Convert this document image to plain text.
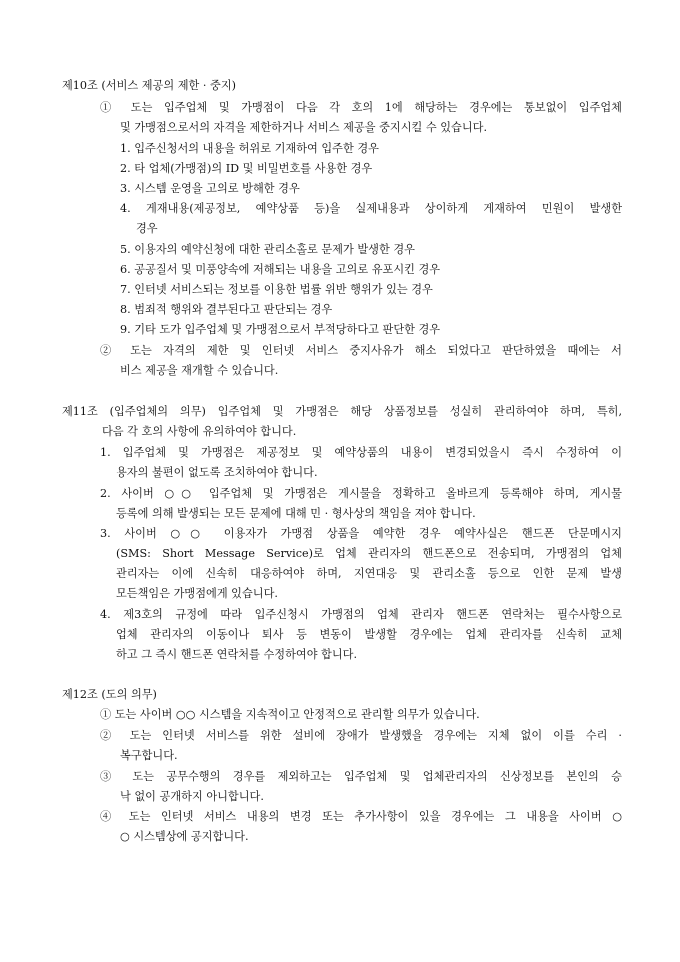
제10조 (서비스 제공의 제한 · 중지)
① 도는 입주업체 및 가맹점이 다음 각 호의 1에 해당하는 경우에는 통보없이 입주업체
및 가맹점으로서의 자격을 제한하거나 서비스 제공을 중지시킬 수 있습니다.
1. 입주신청서의 내용을 허위로 기재하여 입주한 경우
2. 타 업체(가맹점)의 ID 및 비밀번호를 사용한 경우
3. 시스템 운영을 고의로 방해한 경우
4. 게재내용(제공정보, 예약상품 등)을 실제내용과 상이하게 게재하여 민원이 발생한
경우
5. 이용자의 예약신청에 대한 관리소홀로 문제가 발생한 경우
6. 공공질서 및 미풍양속에 저해되는 내용을 고의로 유포시킨 경우
7. 인터넷 서비스되는 정보를 이용한 법률 위반 행위가 있는 경우
8. 범죄적 행위와 결부된다고 판단되는 경우
9. 기타 도가 입주업체 및 가맹점으로서 부적당하다고 판단한 경우
② 도는 자격의 제한 및 인터넷 서비스 중지사유가 해소 되었다고 판단하였을 때에는 서
비스 제공을 재개할 수 있습니다.
제11조 (입주업체의 의무) 입주업체 및 가맹점은 해당 상품정보를 성실히 관리하여야 하며, 특히,
다음 각 호의 사항에 유의하여야 합니다.
1. 입주업체 및 가맹점은 제공정보 및 예약상품의 내용이 변경되었을시 즉시 수정하여 이
용자의 불편이 없도록 조치하여야 합니다.
2. 사이버 ○○ 입주업체 및 가맹점은 게시물을 정확하고 올바르게 등록해야 하며, 게시물
등록에 의해 발생되는 모든 문제에 대해 민 · 형사상의 책임을 져야 합니다.
3. 사이버 ○○ 이용자가 가맹점 상품을 예약한 경우 예약사실은 핸드폰 단문메시지
(SMS: Short Message Service)로 업체 관리자의 핸드폰으로 전송되며, 가맹점의 업체
관리자는 이에 신속히 대응하여야 하며, 지연대응 및 관리소홀 등으로 인한 문제 발생
모든책임은 가맹점에게 있습니다.
4. 제3호의 규정에 따라 입주신청시 가맹점의 업체 관리자 핸드폰 연락처는 필수사항으로
업체 관리자의 이동이나 퇴사 등 변동이 발생할 경우에는 업체 관리자를 신속히 교체
하고 그 즉시 핸드폰 연락처를 수정하여야 합니다.
제12조 (도의 의무)
① 도는 사이버 ○○ 시스템을 지속적이고 안정적으로 관리할 의무가 있습니다.
② 도는 인터넷 서비스를 위한 설비에 장애가 발생했을 경우에는 지체 없이 이를 수리 ·
복구합니다.
③ 도는 공무수행의 경우를 제외하고는 입주업체 및 업체관리자의 신상정보를 본인의 승
낙 없이 공개하지 아니합니다.
④ 도는 인터넷 서비스 내용의 변경 또는 추가사항이 있을 경우에는 그 내용을 사이버 ○
○ 시스템상에 공지합니다.
